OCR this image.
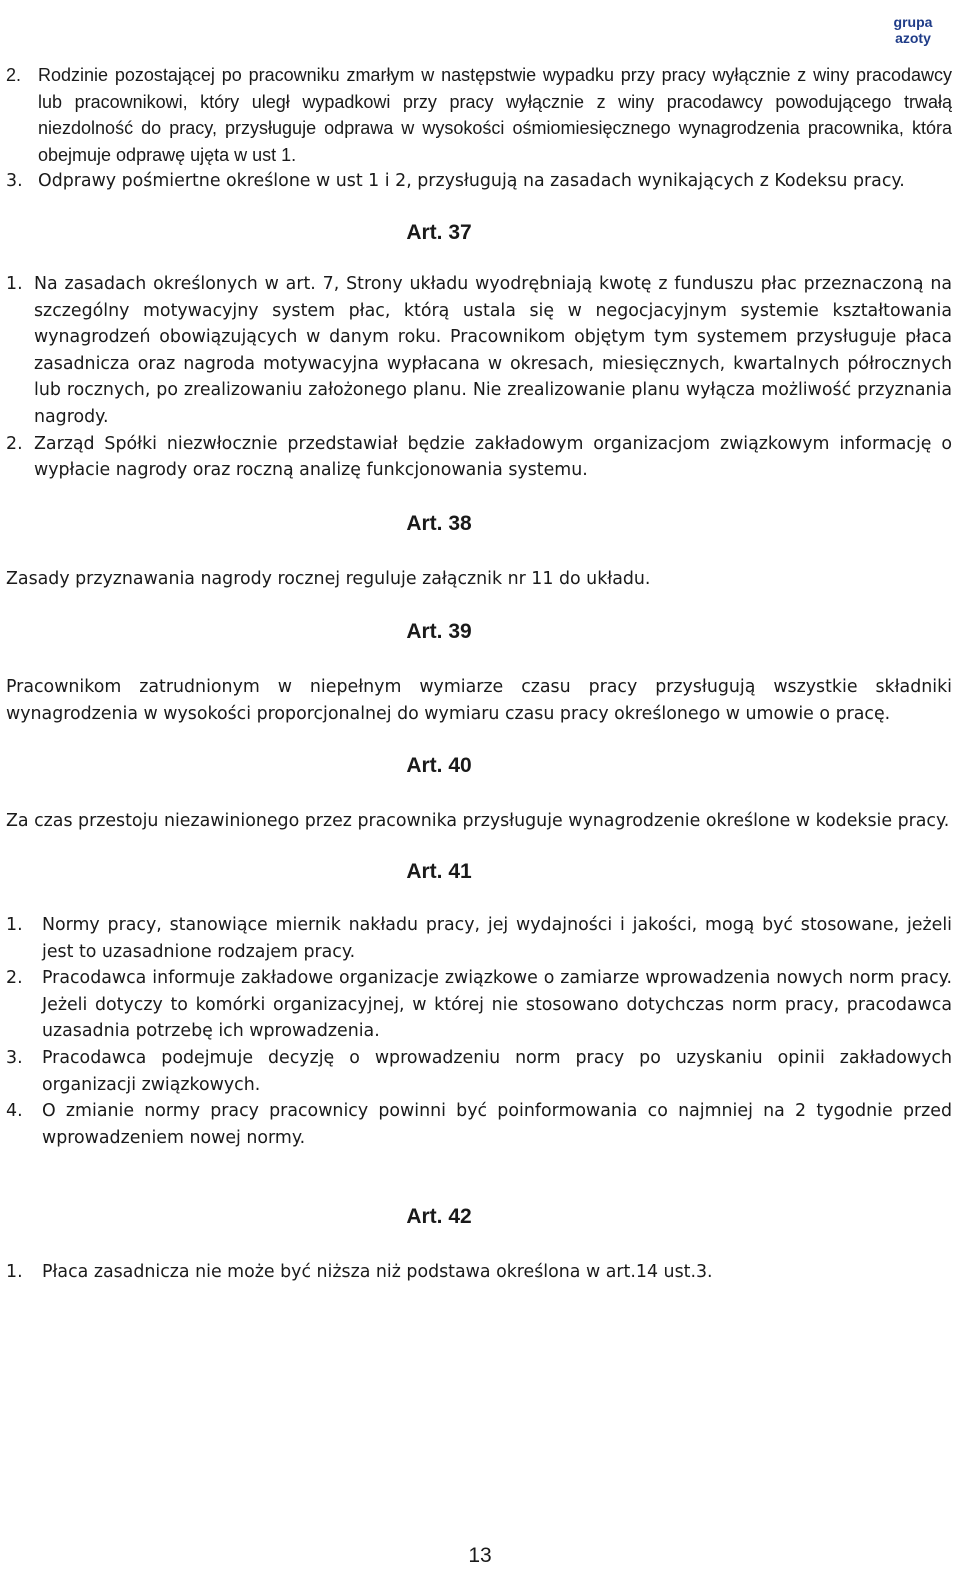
grupa
azoty
2. Rodzinie pozostającej po pracowniku zmarłym w następstwie wypadku przy pracy wyłącznie z winy pracodawcy lub pracownikowi, który uległ wypadkowi przy pracy wyłącznie z winy pracodawcy powodującego trwałą niezdolność do pracy, przysługuje odprawa w wysokości ośmiomiesięcznego wynagrodzenia pracownika, która obejmuje odprawę ujęta w ust 1.

3. Odprawy pośmiertne określone w ust 1 i 2, przysługują na zasadach wynikających z Kodeksu pracy.

Art. 37
1. Na zasadach określonych w art. 7, Strony układu wyodrębniają kwotę z funduszu płac przeznaczoną na szczególny motywacyjny system płac, którą ustala się w negocjacyjnym systemie kształtowania wynagrodzeń obowiązujących w danym roku. Pracownikom objętym tym systemem przysługuje płaca zasadnicza oraz nagroda motywacyjna wypłacana w okresach, miesięcznych, kwartalnych półrocznych lub rocznych, po zrealizowaniu założonego planu. Nie zrealizowanie planu wyłącza możliwość przyznania nagrody.

2. Zarząd Spółki niezwłocznie przedstawiał będzie zakładowym organizacjom związkowym informację o wypłacie nagrody oraz roczną analizę funkcjonowania systemu.

Art. 38

Zasady przyznawania nagrody rocznej reguluje załącznik nr 11 do układu.

Art. 39

Pracownikom zatrudnionym w niepełnym wymiarze czasu pracy przysługują wszystkie składniki wynagrodzenia w wysokości proporcjonalnej do wymiaru czasu pracy określonego w umowie o pracę.

Art. 40

Za czas przestoju niezawinionego przez pracownika przysługuje wynagrodzenie określone w kodeksie pracy.

Art. 41
1. Normy pracy, stanowiące miernik nakładu pracy, jej wydajności i jakości, mogą być stosowane, jeżeli jest to uzasadnione rodzajem pracy.

2. Pracodawca informuje zakładowe organizacje związkowe o zamiarze wprowadzenia nowych norm pracy. Jeżeli dotyczy to komórki organizacyjnej, w której nie stosowano dotychczas norm pracy, pracodawca uzasadnia potrzebę ich wprowadzenia.

3. Pracodawca podejmuje decyzję o wprowadzeniu norm pracy po uzyskaniu opinii zakładowych organizacji związkowych.

4. O zmianie normy pracy pracownicy powinni być poinformowania co najmniej na 2 tygodnie przed wprowadzeniem nowej normy.

Art. 42
1. Płaca zasadnicza nie może być niższa niż podstawa określona w art.14 ust.3.

13
